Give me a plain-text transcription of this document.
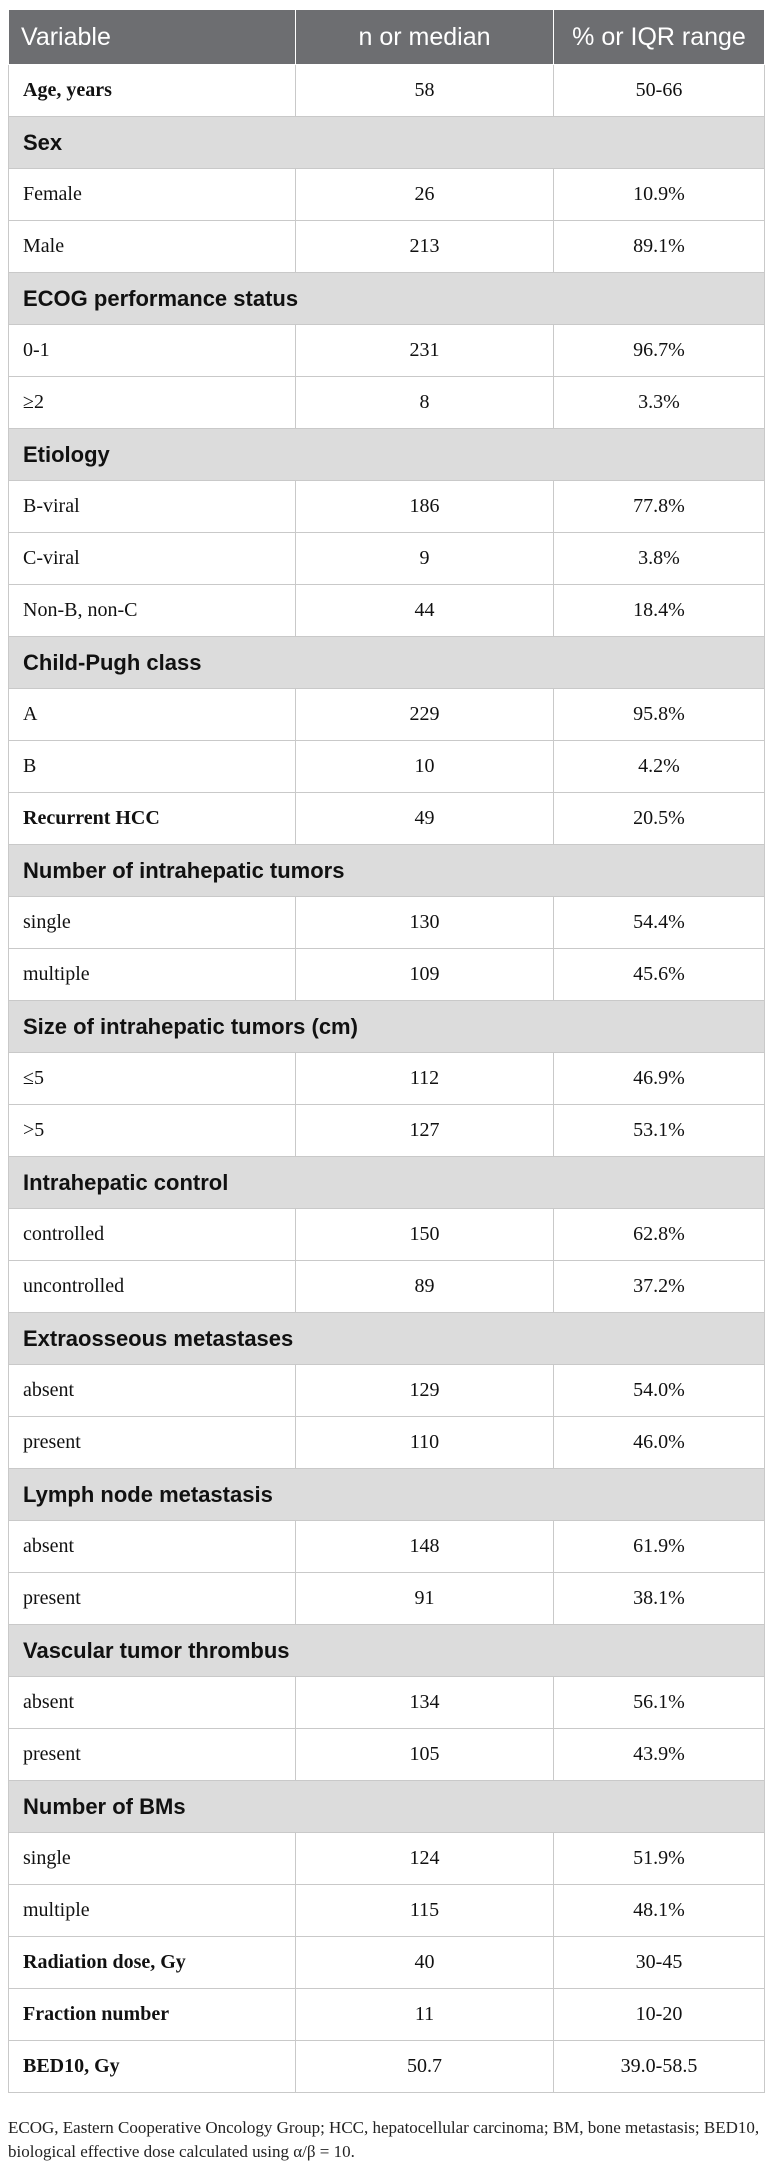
Variable	n or median	% or IQR range
Age, years	58	50-66
Sex		
Female	26	10.9%
Male	213	89.1%
ECOG performance status		
0-1	231	96.7%
≥2	8	3.3%
Etiology		
B-viral	186	77.8%
C-viral	9	3.8%
Non-B, non-C	44	18.4%
Child-Pugh class		
A	229	95.8%
B	10	4.2%
Recurrent HCC	49	20.5%
Number of intrahepatic tumors		
single	130	54.4%
multiple	109	45.6%
Size of intrahepatic tumors (cm)		
≤5	112	46.9%
>5	127	53.1%
Intrahepatic control		
controlled	150	62.8%
uncontrolled	89	37.2%
Extraosseous metastases		
absent	129	54.0%
present	110	46.0%
Lymph node metastasis		
absent	148	61.9%
present	91	38.1%
Vascular tumor thrombus		
absent	134	56.1%
present	105	43.9%
Number of BMs		
single	124	51.9%
multiple	115	48.1%
Radiation dose, Gy	40	30-45
Fraction number	11	10-20
BED10, Gy	50.7	39.0-58.5
ECOG, Eastern Cooperative Oncology Group; HCC, hepatocellular carcinoma; BM, bone metastasis; BED10, biological effective dose calculated using α/β = 10.
